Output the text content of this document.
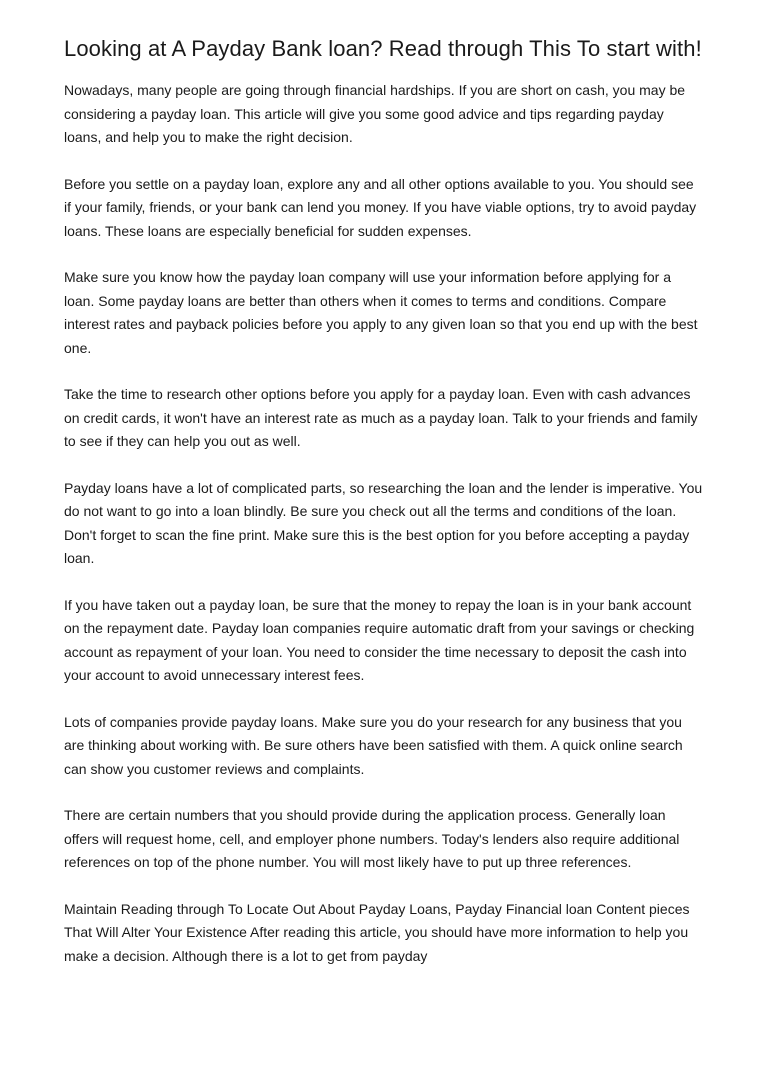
Looking at A Payday Bank loan? Read through This To start with!

Nowadays, many people are going through financial hardships. If you are short on cash, you may be considering a payday loan. This article will give you some good advice and tips regarding payday loans, and help you to make the right decision.

Before you settle on a payday loan, explore any and all other options available to you. You should see if your family, friends, or your bank can lend you money. If you have viable options, try to avoid payday loans. These loans are especially beneficial for sudden expenses.

Make sure you know how the payday loan company will use your information before applying for a loan. Some payday loans are better than others when it comes to terms and conditions. Compare interest rates and payback policies before you apply to any given loan so that you end up with the best one.

Take the time to research other options before you apply for a payday loan. Even with cash advances on credit cards, it won't have an interest rate as much as a payday loan. Talk to your friends and family to see if they can help you out as well.

Payday loans have a lot of complicated parts, so researching the loan and the lender is imperative. You do not want to go into a loan blindly. Be sure you check out all the terms and conditions of the loan. Don't forget to scan the fine print. Make sure this is the best option for you before accepting a payday loan.

If you have taken out a payday loan, be sure that the money to repay the loan is in your bank account on the repayment date. Payday loan companies require automatic draft from your savings or checking account as repayment of your loan. You need to consider the time necessary to deposit the cash into your account to avoid unnecessary interest fees.

Lots of companies provide payday loans. Make sure you do your research for any business that you are thinking about working with. Be sure others have been satisfied with them. A quick online search can show you customer reviews and complaints.

There are certain numbers that you should provide during the application process. Generally loan offers will request home, cell, and employer phone numbers. Today's lenders also require additional references on top of the phone number. You will most likely have to put up three references.

Maintain Reading through To Locate Out About Payday Loans, Payday Financial loan Content pieces That Will Alter Your Existence After reading this article, you should have more information to help you make a decision. Although there is a lot to get from payday
